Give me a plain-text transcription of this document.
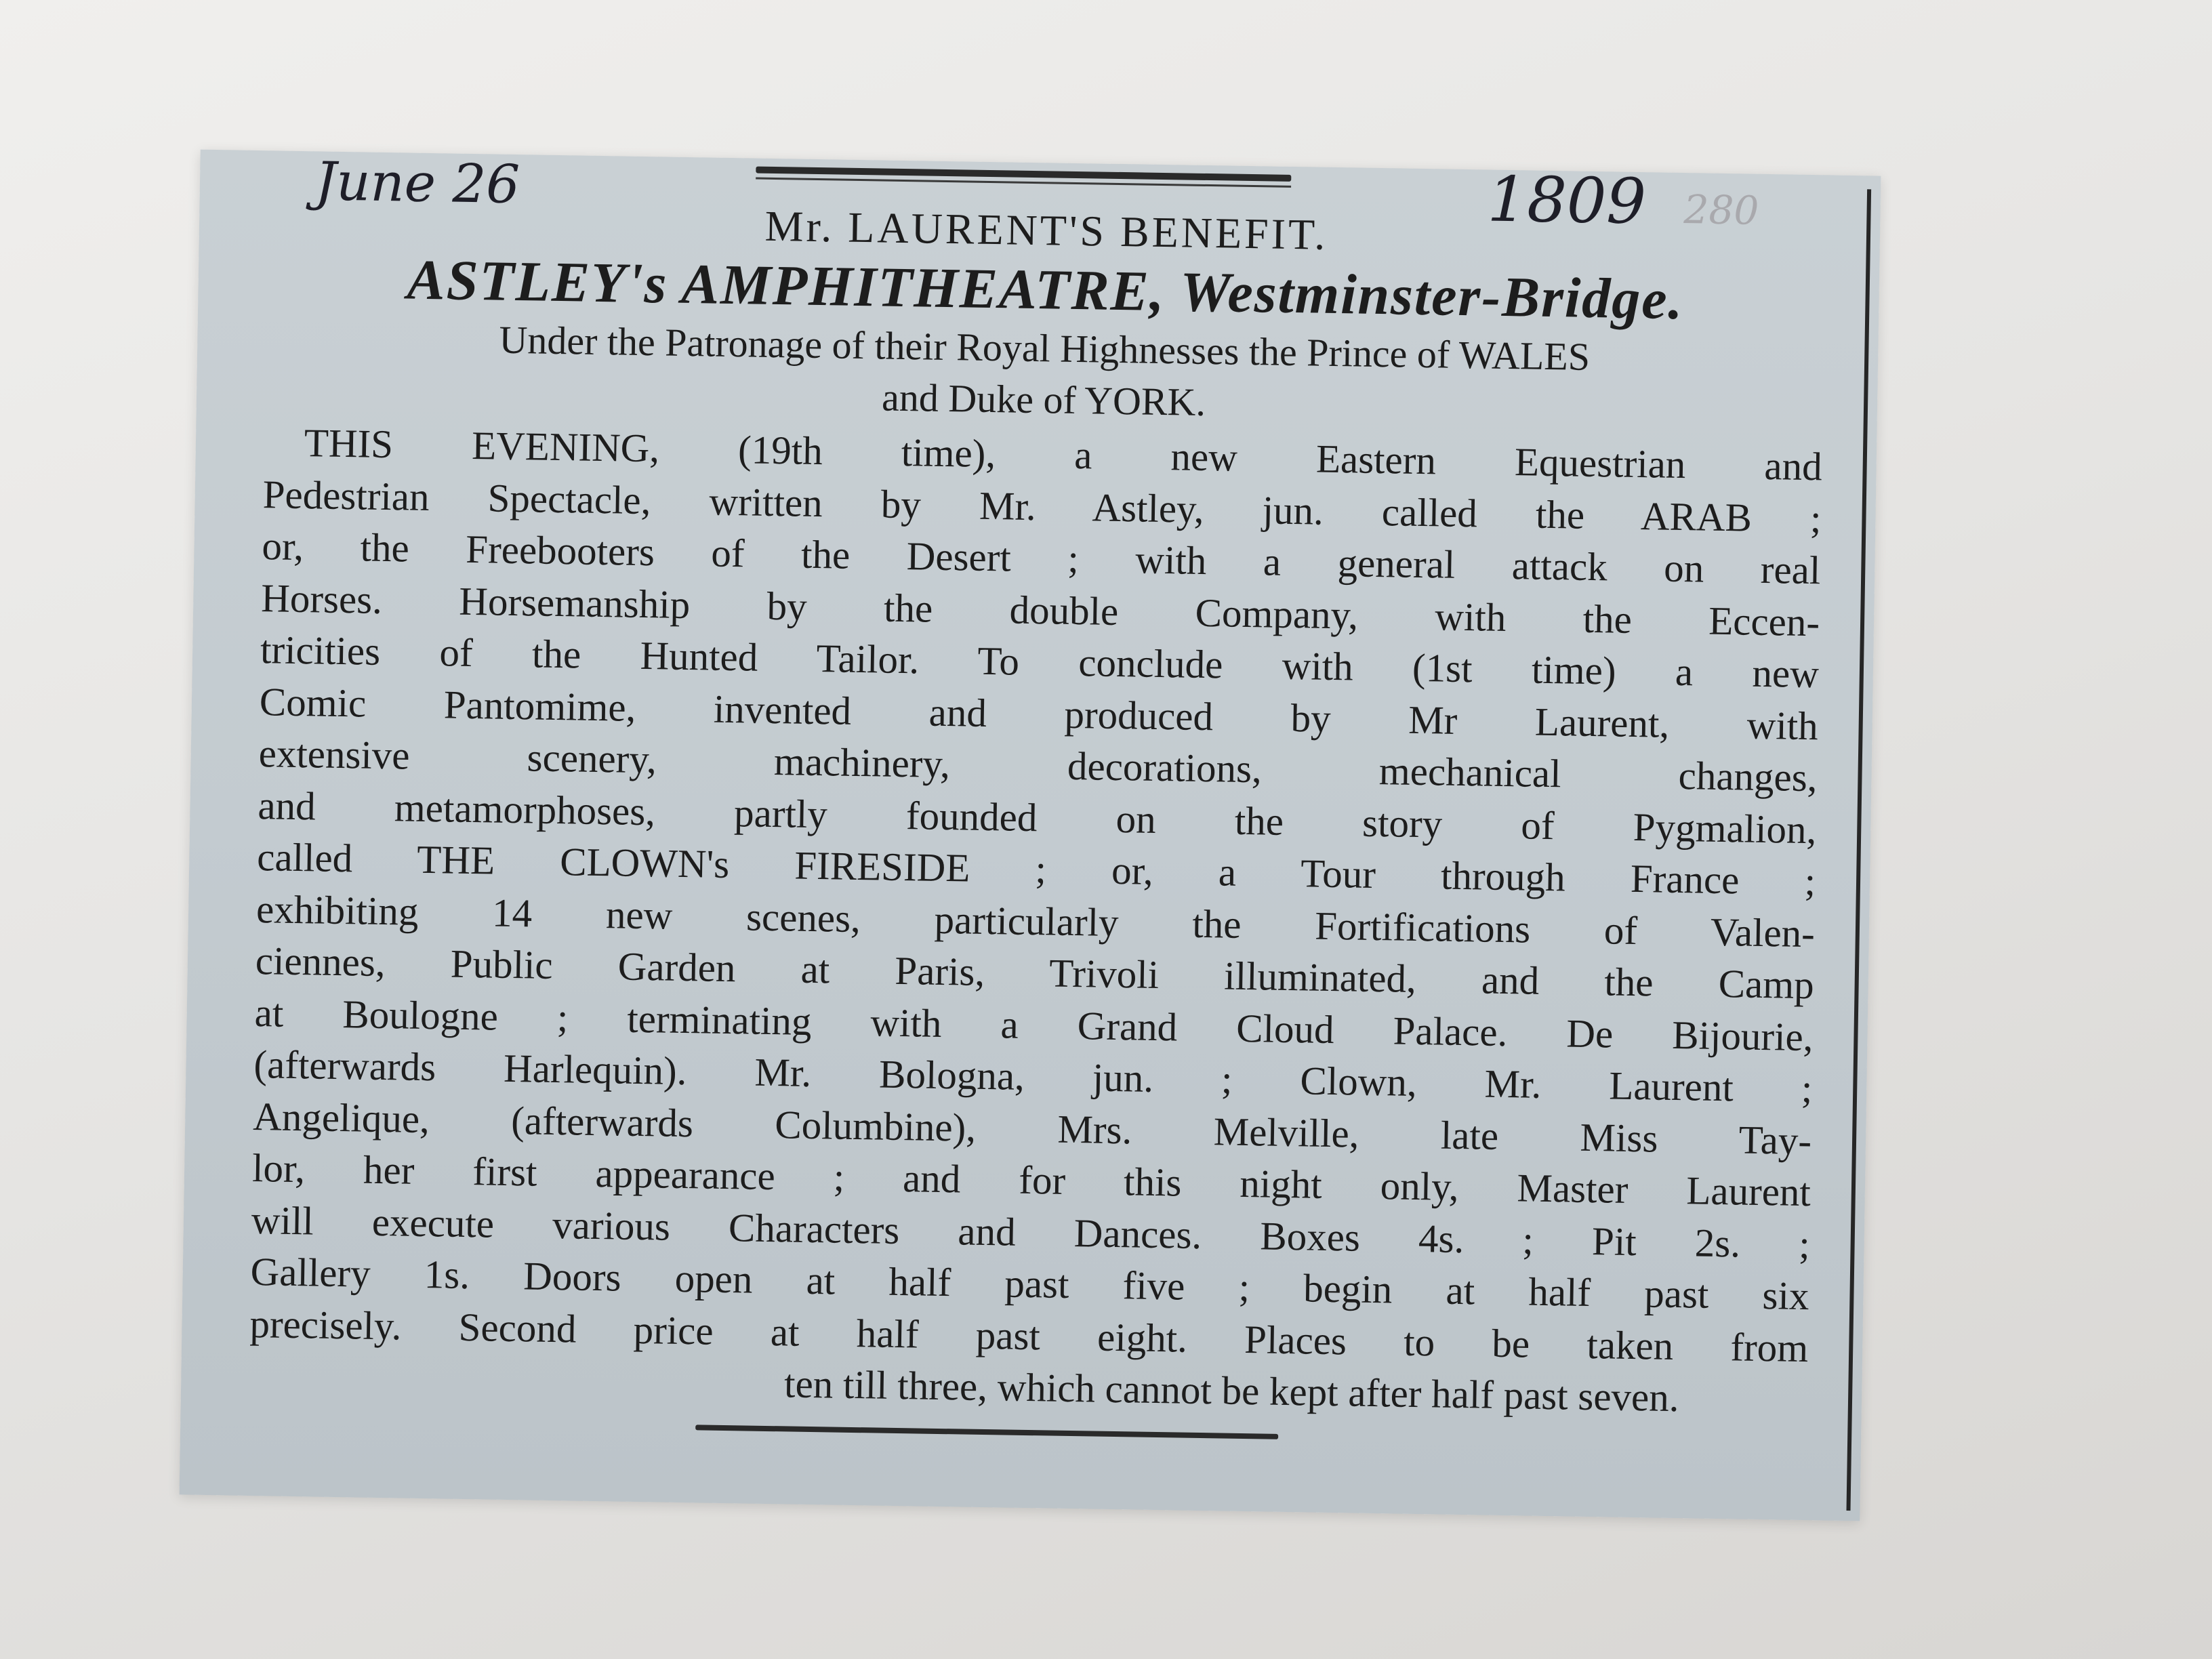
June 26	1809 280
Mr. LAURENT'S BENEFIT.
ASTLEY's AMPHITHEATRE, Westminster-Bridge.
Under the Patronage of their Royal Highnesses the Prince of WALES
and Duke of YORK.
THIS EVENING, (19th time), a new Eastern Equestrian and
Pedestrian Spectacle, written by Mr. Astley, jun. called the ARAB ;
or, the Freebooters of the Desert ; with a general attack on real
Horses. Horsemanship by the double Company, with the Eccen-
tricities of the Hunted Tailor. To conclude with (1st time) a new
Comic Pantomime, invented and produced by Mr Laurent, with
extensive scenery, machinery, decorations, mechanical changes,
and metamorphoses, partly founded on the story of Pygmalion,
called THE CLOWN's FIRESIDE ; or, a Tour through France ;
exhibiting 14 new scenes, particularly the Fortifications of Valen-
ciennes, Public Garden at Paris, Trivoli illuminated, and the Camp
at Boulogne ; terminating with a Grand Cloud Palace. De Bijourie,
(afterwards Harlequin). Mr. Bologna, jun. ; Clown, Mr. Laurent ;
Angelique, (afterwards Columbine), Mrs. Melville, late Miss Tay-
lor, her first appearance ; and for this night only, Master Laurent
will execute various Characters and Dances. Boxes 4s. ; Pit 2s. ;
Gallery 1s. Doors open at half past five ; begin at half past six
precisely. Second price at half past eight. Places to be taken from
ten till three, which cannot be kept after half past seven.
